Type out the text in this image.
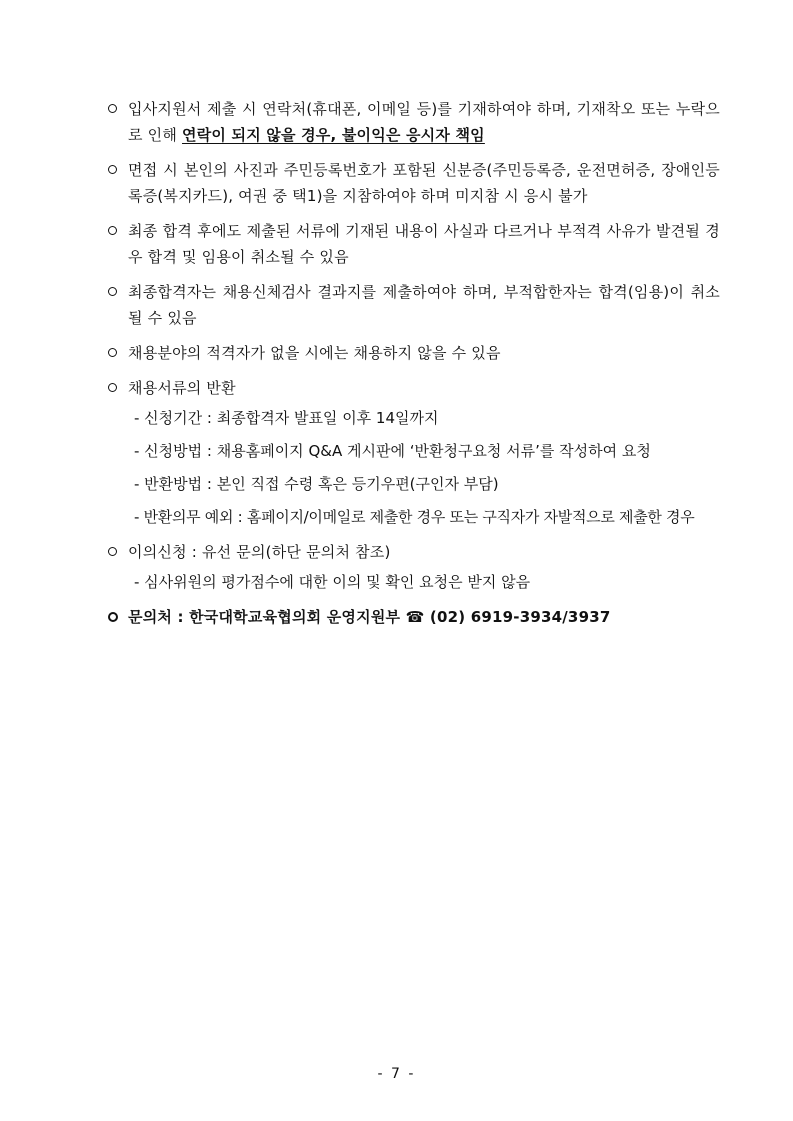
입사지원서 제출 시 연락처(휴대폰, 이메일 등)를 기재하여야 하며, 기재착오 또는 누락으로 인해 연락이 되지 않을 경우, 불이익은 응시자 책임
면접 시 본인의 사진과 주민등록번호가 포함된 신분증(주민등록증, 운전면허증, 장애인등록증(복지카드), 여권 중 택1)을 지참하여야 하며 미지참 시 응시 불가
최종 합격 후에도 제출된 서류에 기재된 내용이 사실과 다르거나 부적격 사유가 발견될 경우 합격 및 임용이 취소될 수 있음
최종합격자는 채용신체검사 결과지를 제출하여야 하며, 부적합한자는 합격(임용)이 취소될 수 있음
채용분야의 적격자가 없을 시에는 채용하지 않을 수 있음
채용서류의 반환
- 신청기간 : 최종합격자 발표일 이후 14일까지
- 신청방법 : 채용홈페이지 Q&A 게시판에 ‘반환청구요청 서류’를 작성하여 요청
- 반환방법 : 본인 직접 수령 혹은 등기우편(구인자 부담)
- 반환의무 예외 : 홈페이지/이메일로 제출한 경우 또는 구직자가 자발적으로 제출한 경우
이의신청 : 유선 문의(하단 문의처 참조)
- 심사위원의 평가점수에 대한 이의 및 확인 요청은 받지 않음
문의처 : 한국대학교육협의회 운영지원부 ☎ (02) 6919-3934/3937
- 7 -
